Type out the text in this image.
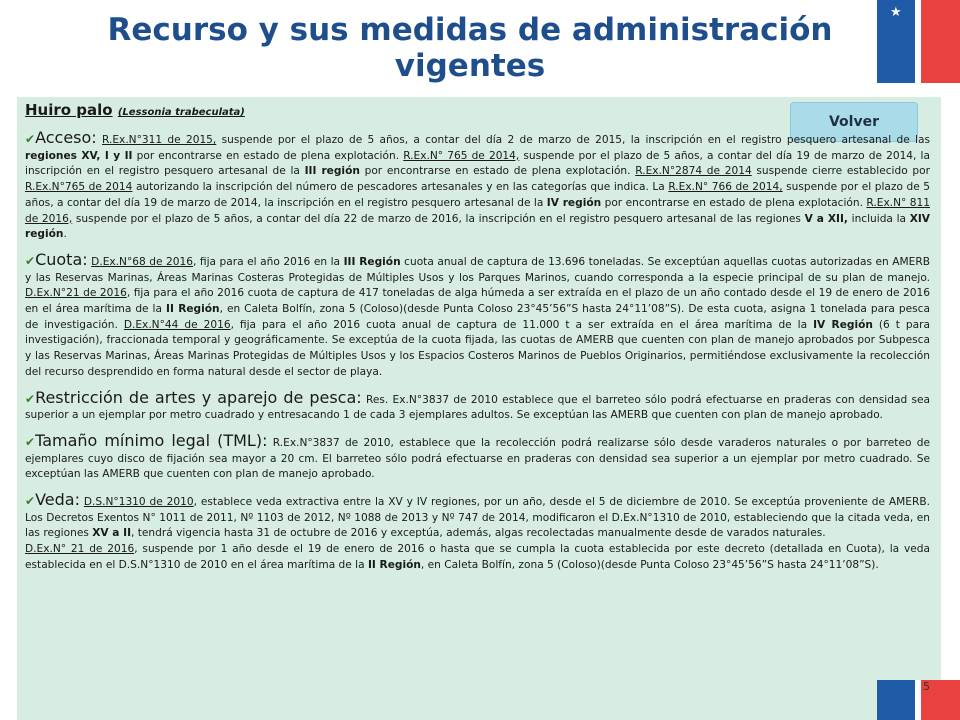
★
Recurso y sus medidas de administración vigentes
Volver
Huiro palo (Lessonia trabeculata)
✔Acceso: R.Ex.N°311 de 2015, suspende por el plazo de 5 años, a contar del día 2 de marzo de 2015, la inscripción en el registro pesquero artesanal de las regiones XV, I y II por encontrarse en estado de plena explotación. R.Ex.N° 765 de 2014, suspende por el plazo de 5 años, a contar del día 19 de marzo de 2014, la inscripción en el registro pesquero artesanal de la III región por encontrarse en estado de plena explotación. R.Ex.N°2874 de 2014 suspende cierre establecido por R.Ex.N°765 de 2014 autorizando la inscripción del número de pescadores artesanales y en las categorías que indica. La R.Ex.N° 766 de 2014, suspende por el plazo de 5 años, a contar del día 19 de marzo de 2014, la inscripción en el registro pesquero artesanal de la IV región por encontrarse en estado de plena explotación. R.Ex.N° 811 de 2016, suspende por el plazo de 5 años, a contar del día 22 de marzo de 2016, la inscripción en el registro pesquero artesanal de las regiones V a XII, incluida la XIV región.
✔Cuota: D.Ex.N°68 de 2016, fija para el año 2016 en la III Región cuota anual de captura de 13.696 toneladas. Se exceptúan aquellas cuotas autorizadas en AMERB y las Reservas Marinas, Áreas Marinas Costeras Protegidas de Múltiples Usos y los Parques Marinos, cuando corresponda a la especie principal de su plan de manejo. D.Ex.N°21 de 2016, fija para el año 2016 cuota de captura de 417 toneladas de alga húmeda a ser extraída en el plazo de un año contado desde el 19 de enero de 2016 en el área marítima de la II Región, en Caleta Bolfín, zona 5 (Coloso)(desde Punta Coloso 23°45’56”S hasta 24°11’08”S). De esta cuota, asigna 1 tonelada para pesca de investigación. D.Ex.N°44 de 2016, fija para el año 2016 cuota anual de captura de 11.000 t a ser extraída en el área marítima de la IV Región (6 t para investigación), fraccionada temporal y geográficamente. Se exceptúa de la cuota fijada, las cuotas de AMERB que cuenten con plan de manejo aprobados por Subpesca y las Reservas Marinas, Áreas Marinas Protegidas de Múltiples Usos y los Espacios Costeros Marinos de Pueblos Originarios, permitiéndose exclusivamente la recolección del recurso desprendido en forma natural desde el sector de playa.
✔Restricción de artes y aparejo de pesca: Res. Ex.N°3837 de 2010 establece que el barreteo sólo podrá efectuarse en praderas con densidad sea superior a un ejemplar por metro cuadrado y entresacando 1 de cada 3 ejemplares adultos. Se exceptúan las AMERB que cuenten con plan de manejo aprobado.
✔Tamaño mínimo legal (TML): R.Ex.N°3837 de 2010, establece que la recolección podrá realizarse sólo desde varaderos naturales o por barreteo de ejemplares cuyo disco de fijación sea mayor a 20 cm. El barreteo sólo podrá efectuarse en praderas con densidad sea superior a un ejemplar por metro cuadrado. Se exceptúan las AMERB que cuenten con plan de manejo aprobado.
✔Veda: D.S.N°1310 de 2010, establece veda extractiva entre la XV y IV regiones, por un año, desde el 5 de diciembre de 2010. Se exceptúa proveniente de AMERB. Los Decretos Exentos N° 1011 de 2011, Nº 1103 de 2012, Nº 1088 de 2013 y Nº 747 de 2014, modificaron el D.Ex.N°1310 de 2010, estableciendo que la citada veda, en las regiones XV a II, tendrá vigencia hasta 31 de octubre de 2016 y exceptúa, además, algas recolectadas manualmente desde de varados naturales.
D.Ex.N° 21 de 2016, suspende por 1 año desde el 19 de enero de 2016 o hasta que se cumpla la cuota establecida por este decreto (detallada en Cuota), la veda establecida en el D.S.N°1310 de 2010 en el área marítima de la II Región, en Caleta Bolfín, zona 5 (Coloso)(desde Punta Coloso 23°45’56”S hasta 24°11’08”S).
5
